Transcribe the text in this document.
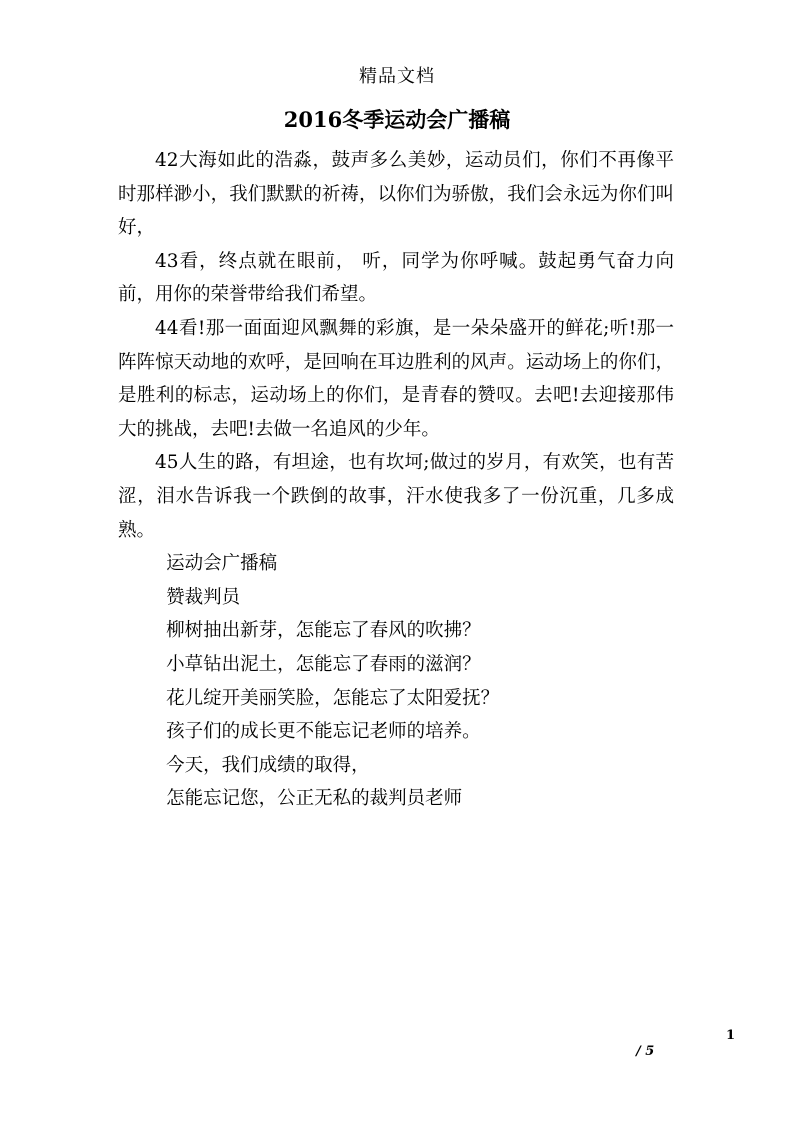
精品文档
2016冬季运动会广播稿

42大海如此的浩淼，鼓声多么美妙，运动员们，你们不再像平时那样渺小，我们默默的祈祷，以你们为骄傲，我们会永远为你们叫好，

43看，终点就在眼前， 听，同学为你呼喊。鼓起勇气奋力向前，用你的荣誉带给我们希望。

44看!那一面面迎风飘舞的彩旗，是一朵朵盛开的鲜花;听!那一阵阵惊天动地的欢呼，是回响在耳边胜利的风声。运动场上的你们，是胜利的标志，运动场上的你们，是青春的赞叹。去吧!去迎接那伟大的挑战，去吧!去做一名追风的少年。

45人生的路，有坦途，也有坎坷;做过的岁月，有欢笑，也有苦涩，泪水告诉我一个跌倒的故事，汗水使我多了一份沉重，几多成熟。

运动会广播稿

赞裁判员

柳树抽出新芽，怎能忘了春风的吹拂？

小草钻出泥土，怎能忘了春雨的滋润？

花儿绽开美丽笑脸，怎能忘了太阳爱抚？

孩子们的成长更不能忘记老师的培养。

今天，我们成绩的取得，

怎能忘记您，公正无私的裁判员老师

1
/ 5
